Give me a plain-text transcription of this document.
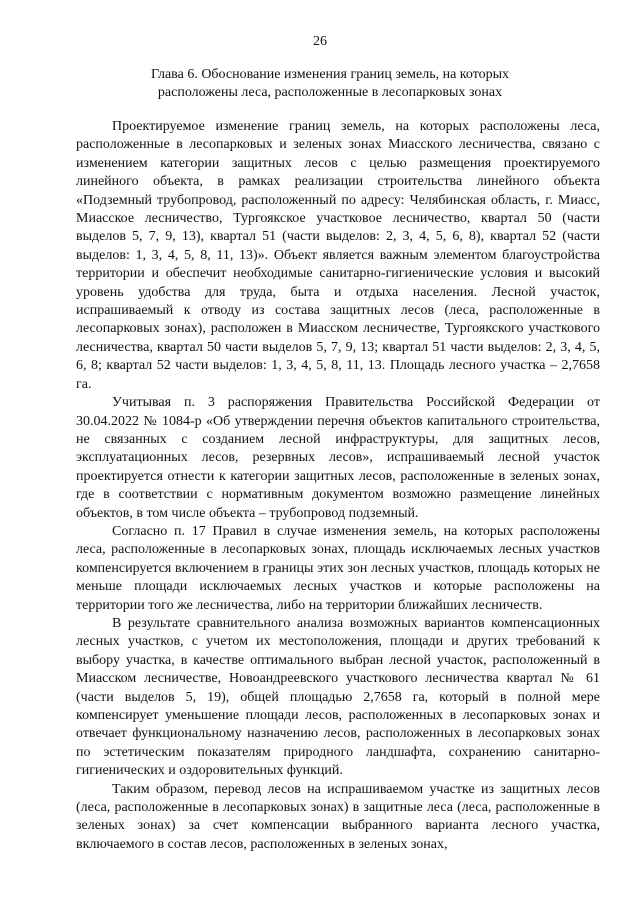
26
Глава 6. Обоснование изменения границ земель, на которых расположены леса, расположенные в лесопарковых зонах

Проектируемое изменение границ земель, на которых расположены леса, расположенные в лесопарковых и зеленых зонах Миасского лесничества, связано с изменением категории защитных лесов с целью размещения проектируемого линейного объекта, в рамках реализации строительства линейного объекта «Подземный трубопровод, расположенный по адресу: Челябинская область, г. Миасс, Миасское лесничество, Тургоякское участковое лесничество, квартал 50 (части выделов 5, 7, 9, 13), квартал 51 (части выделов: 2, 3, 4, 5, 6, 8), квартал 52 (части выделов: 1, 3, 4, 5, 8, 11, 13)». Объект является важным элементом благоустройства территории и обеспечит необходимые санитарно-гигиенические условия и высокий уровень удобства для труда, быта и отдыха населения. Лесной участок, испрашиваемый к отводу из состава защитных лесов (леса, расположенные в лесопарковых зонах), расположен в Миасском лесничестве, Тургоякского участкового лесничества, квартал 50 части выделов 5, 7, 9, 13; квартал 51 части выделов: 2, 3, 4, 5, 6, 8; квартал 52 части выделов: 1, 3, 4, 5, 8, 11, 13. Площадь лесного участка – 2,7658 га.

Учитывая п. 3 распоряжения Правительства Российской Федерации от 30.04.2022 № 1084-р «Об утверждении перечня объектов капитального строительства, не связанных с созданием лесной инфраструктуры, для защитных лесов, эксплуатационных лесов, резервных лесов», испрашиваемый лесной участок проектируется отнести к категории защитных лесов, расположенные в зеленых зонах, где в соответствии с нормативным документом возможно размещение линейных объектов, в том числе объекта – трубопровод подземный.

Согласно п. 17 Правил в случае изменения земель, на которых расположены леса, расположенные в лесопарковых зонах, площадь исключаемых лесных участков компенсируется включением в границы этих зон лесных участков, площадь которых не меньше площади исключаемых лесных участков и которые расположены на территории того же лесничества, либо на территории ближайших лесничеств.

В результате сравнительного анализа возможных вариантов компенсационных лесных участков, с учетом их местоположения, площади и других требований к выбору участка, в качестве оптимального выбран лесной участок, расположенный в Миасском лесничестве, Новоандреевского участкового лесничества квартал № 61 (части выделов 5, 19), общей площадью 2,7658 га, который в полной мере компенсирует уменьшение площади лесов, расположенных в лесопарковых зонах и отвечает функциональному назначению лесов, расположенных в лесопарковых зонах по эстетическим показателям природного ландшафта, сохранению санитарно-гигиенических и оздоровительных функций.

Таким образом, перевод лесов на испрашиваемом участке из защитных лесов (леса, расположенные в лесопарковых зонах) в защитные леса (леса, расположенные в зеленых зонах) за счет компенсации выбранного варианта лесного участка, включаемого в состав лесов, расположенных в зеленых зонах,
